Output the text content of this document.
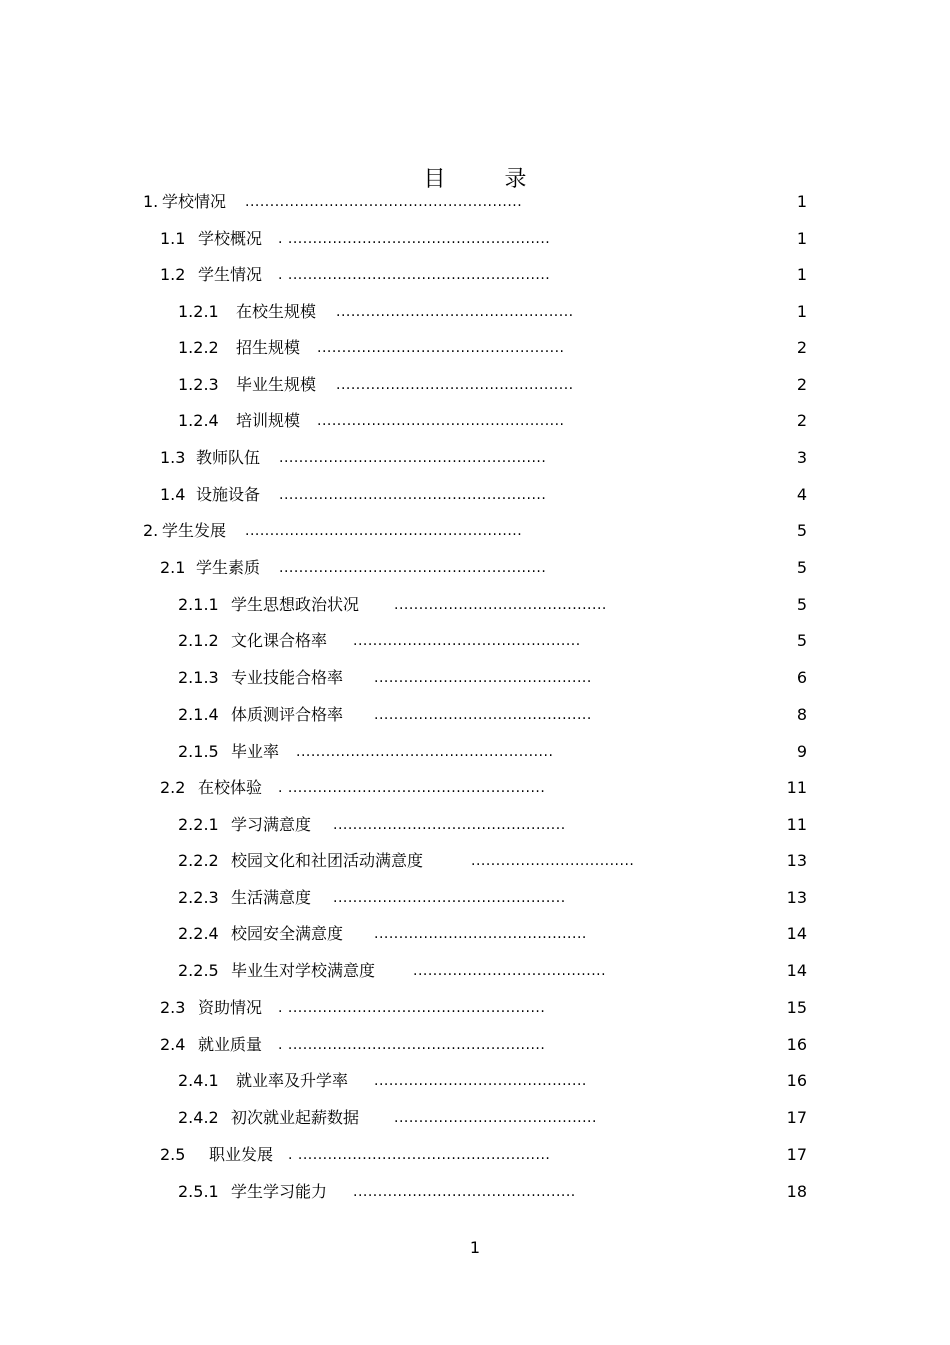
目 录
1. 学校情况 ........................................................	1
1.1 学校概况 . .....................................................	1
1.2 学生情况 . .....................................................	1
1.2.1 在校生规模 ................................................	1
1.2.2 招生规模 ..................................................	2
1.2.3 毕业生规模 ................................................	2
1.2.4 培训规模 ..................................................	2
1.3 教师队伍 ......................................................	3
1.4 设施设备 ......................................................	4
2. 学生发展 ........................................................	5
2.1 学生素质 ......................................................	5
2.1.1 学生思想政治状况 ...........................................	5
2.1.2 文化课合格率 ..............................................	5
2.1.3 专业技能合格率 ............................................	6
2.1.4 体质测评合格率 ............................................	8
2.1.5 毕业率 ....................................................	9
2.2 在校体验 . ....................................................	11
2.2.1 学习满意度 ...............................................	11
2.2.2 校园文化和社团活动满意度	.................................	13
2.2.3 生活满意度 ...............................................	13
2.2.4 校园安全满意度 ...........................................	14
2.2.5 毕业生对学校满意度	.......................................	14
2.3 资助情况 . ....................................................	15
2.4 就业质量 . ....................................................	16
2.4.1 就业率及升学率 ...........................................	16
2.4.2 初次就业起薪数据 .........................................	17
2.5 职业发展 . ...................................................	17
2.5.1 学生学习能力 .............................................	18
1
